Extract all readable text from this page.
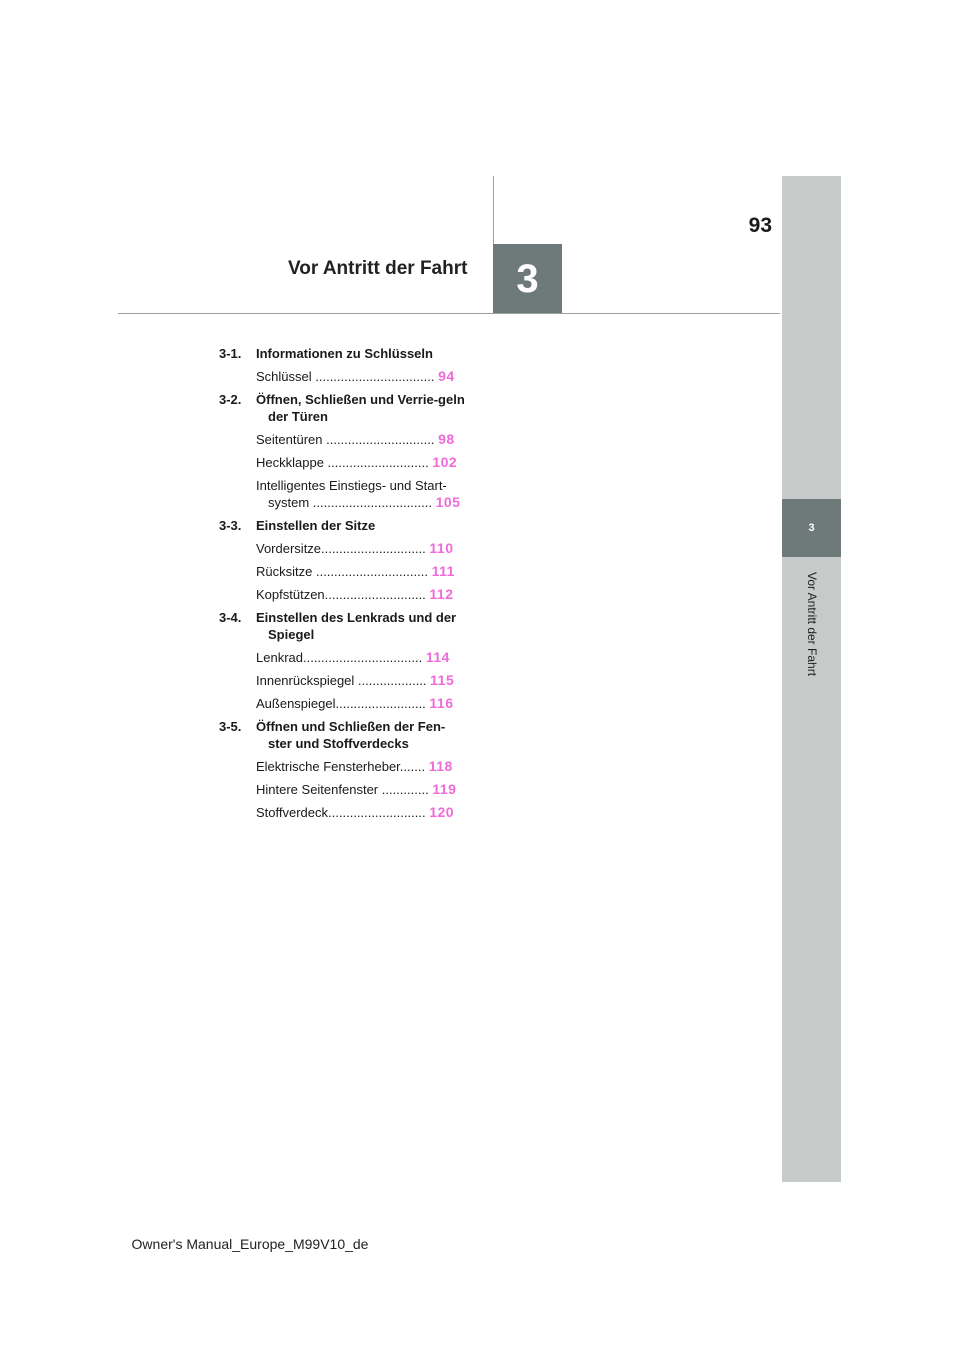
93
3
Vor Antritt der Fahrt
3
Vor Antritt der Fahrt
3-1.	Informationen zu Schlüsseln
Schlüssel ................................. 94
3-2.	Öffnen, Schließen und Verrie-geln der Türen
Seitentüren .............................. 98
Heckklappe ............................ 102
Intelligentes Einstiegs- und Start-system ................................. 105
3-3.	Einstellen der Sitze
Vordersitze............................. 110
Rücksitze ............................... 111
Kopfstützen............................ 112
3-4.	Einstellen des Lenkrads und der Spiegel
Lenkrad................................. 114
Innenrückspiegel ................... 115
Außenspiegel......................... 116
3-5.	Öffnen und Schließen der Fen-ster und Stoffverdecks
Elektrische Fensterheber....... 118
Hintere Seitenfenster ............. 119
Stoffverdeck........................... 120
Owner's Manual_Europe_M99V10_de
